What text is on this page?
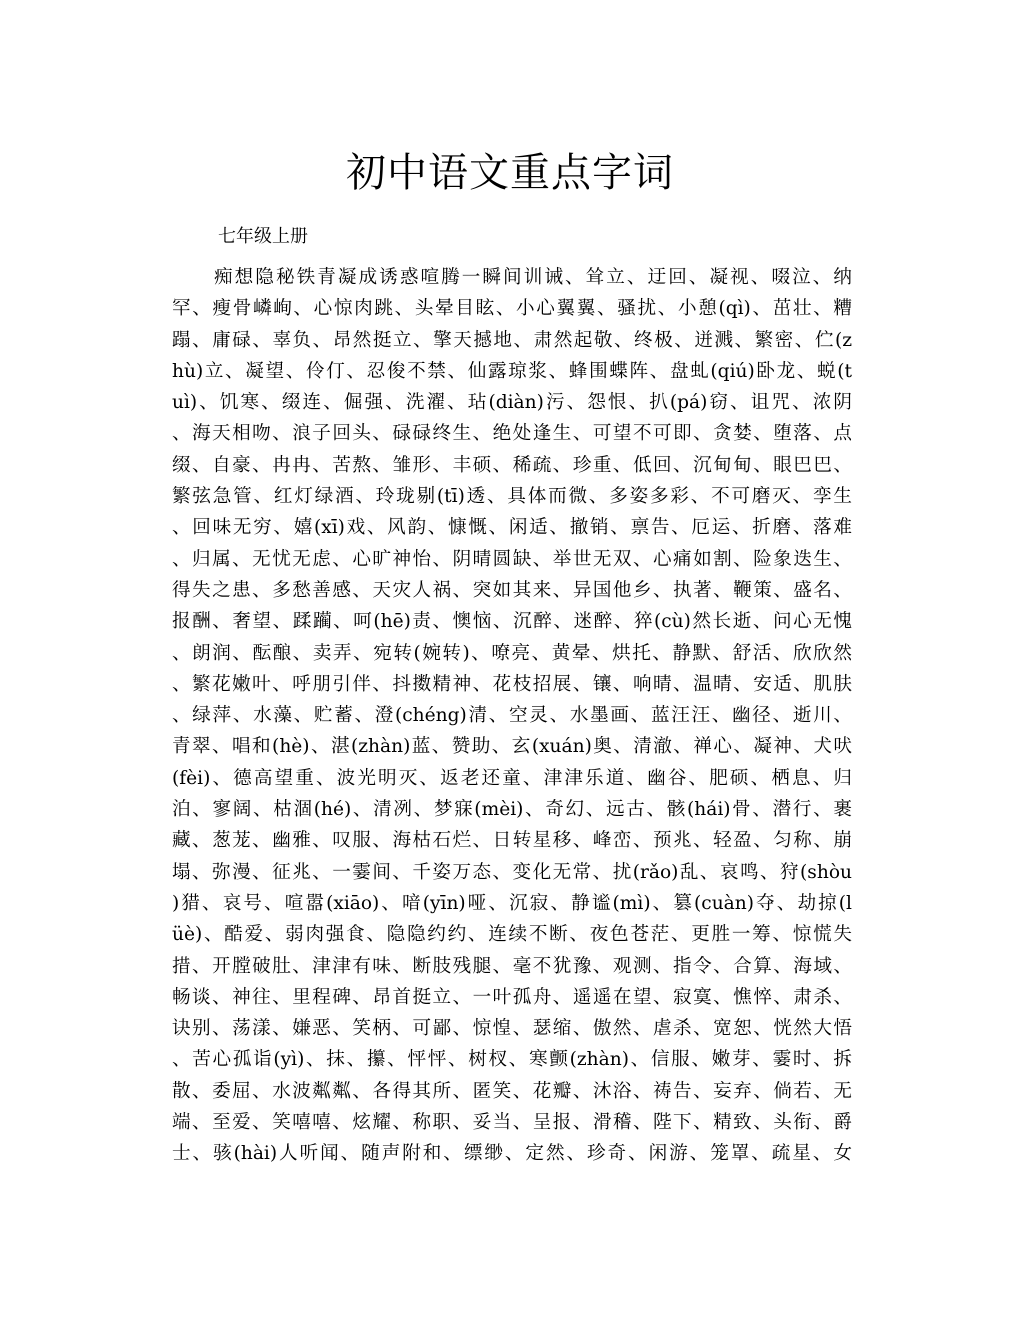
初中语文重点字词
七年级上册
痴想隐秘铁青凝成诱惑喧腾一瞬间训诫、耸立、迂回、凝视、啜泣、纳
罕、瘦骨嶙峋、心惊肉跳、头晕目眩、小心翼翼、骚扰、小憩(qì)、茁壮、糟
蹋、庸碌、辜负、昂然挺立、擎天撼地、肃然起敬、终极、迸溅、繁密、伫(z
hù)立、凝望、伶仃、忍俊不禁、仙露琼浆、蜂围蝶阵、盘虬(qiú)卧龙、蜕(t
uì)、饥寒、缀连、倔强、洗濯、玷(diàn)污、怨恨、扒(pá)窃、诅咒、浓阴
、海天相吻、浪子回头、碌碌终生、绝处逢生、可望不可即、贪婪、堕落、点
缀、自豪、冉冉、苦熬、雏形、丰硕、稀疏、珍重、低回、沉甸甸、眼巴巴、
繁弦急管、红灯绿酒、玲珑剔(tī)透、具体而微、多姿多彩、不可磨灭、孪生
、回味无穷、嬉(xī)戏、风韵、慷慨、闲适、撤销、禀告、厄运、折磨、落难
、归属、无忧无虑、心旷神怡、阴晴圆缺、举世无双、心痛如割、险象迭生、
得失之患、多愁善感、天灾人祸、突如其来、异国他乡、执著、鞭策、盛名、
报酬、奢望、蹂躏、呵(hē)责、懊恼、沉醉、迷醉、猝(cù)然长逝、问心无愧
、朗润、酝酿、卖弄、宛转(婉转)、嘹亮、黄晕、烘托、静默、舒活、欣欣然
、繁花嫩叶、呼朋引伴、抖擞精神、花枝招展、镶、响晴、温晴、安适、肌肤
、绿萍、水藻、贮蓄、澄(chéng)清、空灵、水墨画、蓝汪汪、幽径、逝川、
青翠、唱和(hè)、湛(zhàn)蓝、赞助、玄(xuán)奥、清澈、禅心、凝神、犬吠
(fèi)、德高望重、波光明灭、返老还童、津津乐道、幽谷、肥硕、栖息、归
泊、寥阔、枯涸(hé)、清冽、梦寐(mèi)、奇幻、远古、骸(hái)骨、潜行、裹
藏、葱茏、幽雅、叹服、海枯石烂、日转星移、峰峦、预兆、轻盈、匀称、崩
塌、弥漫、征兆、一霎间、千姿万态、变化无常、扰(rǎo)乱、哀鸣、狩(shòu
)猎、哀号、喧嚣(xiāo)、喑(yīn)哑、沉寂、静谧(mì)、篡(cuàn)夺、劫掠(l
üè)、酷爱、弱肉强食、隐隐约约、连续不断、夜色苍茫、更胜一筹、惊慌失
措、开膛破肚、津津有味、断肢残腿、毫不犹豫、观测、指令、合算、海域、
畅谈、神往、里程碑、昂首挺立、一叶孤舟、遥遥在望、寂寞、憔悴、肃杀、
诀别、荡漾、嫌恶、笑柄、可鄙、惊惶、瑟缩、傲然、虐杀、宽恕、恍然大悟
、苦心孤诣(yì)、抹、攥、怦怦、树杈、寒颤(zhàn)、信服、嫩芽、霎时、拆
散、委屈、水波粼粼、各得其所、匿笑、花瓣、沐浴、祷告、妄弃、倘若、无
端、至爱、笑嘻嘻、炫耀、称职、妥当、呈报、滑稽、陛下、精致、头衔、爵
士、骇(hài)人听闻、随声附和、缥缈、定然、珍奇、闲游、笼罩、疏星、女
